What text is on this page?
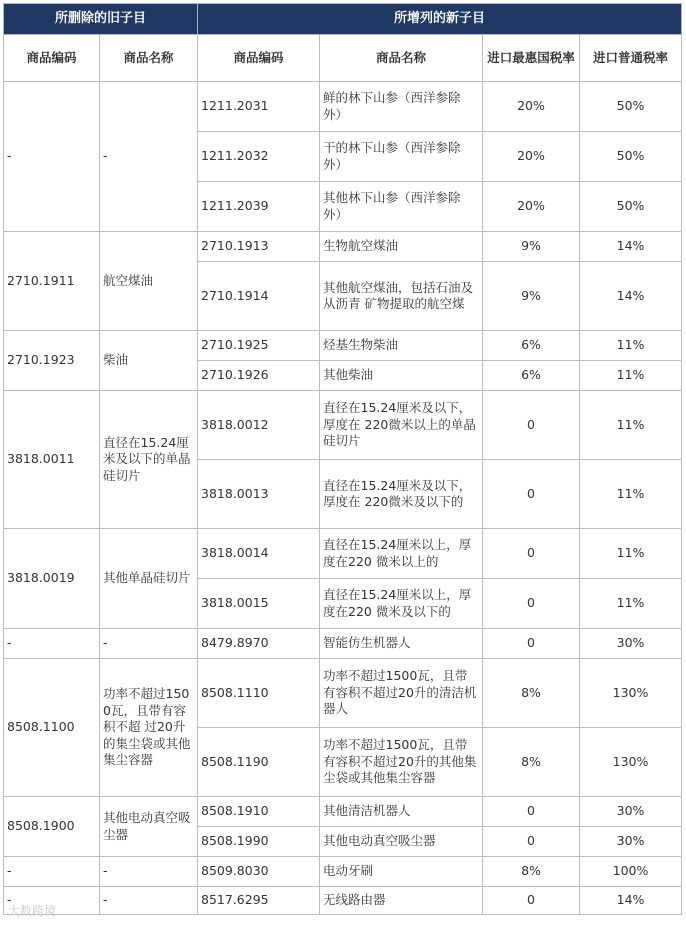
所删除的旧子目		所增列的新子目			
商品编码	商品名称	商品编码	商品名称	进口最惠国税率	进口普通税率
-	-	1211.2031	鲜的林下山参（西洋参除外）	20%	50%
		1211.2032	干的林下山参（西洋参除外）	20%	50%
		1211.2039	其他林下山参（西洋参除外）	20%	50%
2710.1911	航空煤油	2710.1913	生物航空煤油	9%	14%
		2710.1914	其他航空煤油，包括石油及从沥青 矿物提取的航空煤	9%	14%
2710.1923	柴油	2710.1925	烃基生物柴油	6%	11%
		2710.1926	其他柴油	6%	11%
3818.0011	直径在15.24厘米及以下的单晶硅切片	3818.0012	直径在15.24厘米及以下，厚度在 220微米以上的单晶硅切片	0	11%
		3818.0013	直径在15.24厘米及以下，厚度在 220微米及以下的	0	11%
3818.0019	其他单晶硅切片	3818.0014	直径在15.24厘米以上，厚度在220 微米以上的	0	11%
		3818.0015	直径在15.24厘米以上，厚度在220 微米及以下的	0	11%
-	-	8479.8970	智能仿生机器人	0	30%
8508.1100	功率不超过1500瓦，且带有容积不超 过20升的集尘袋或其他集尘容器	8508.1110	功率不超过1500瓦，且带有容积不超过20升的清洁机器人	8%	130%
		8508.1190	功率不超过1500瓦，且带有容积不超过20升的其他集尘袋或其他集尘容器	8%	130%
8508.1900	其他电动真空吸尘器	8508.1910	其他清洁机器人	0	30%
		8508.1990	其他电动真空吸尘器	0	30%
-	-	8509.8030	电动牙刷	8%	100%
-	-	8517.6295	无线路由器	0	14%
大数跨境
